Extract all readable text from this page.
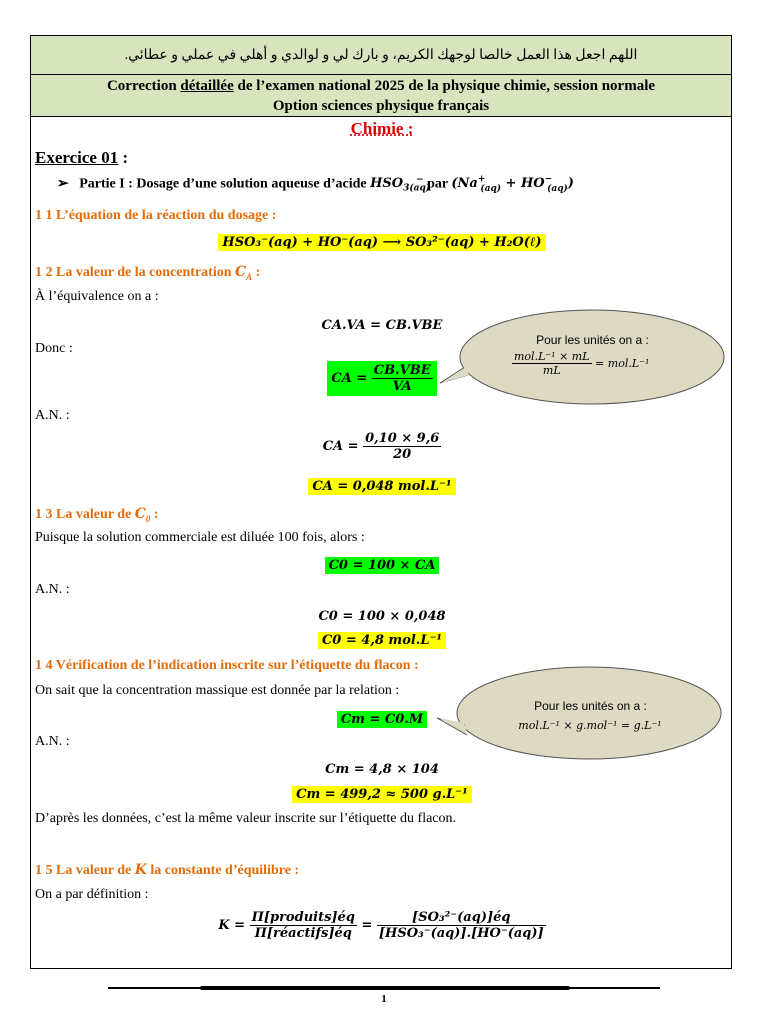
اللهم اجعل هذا العمل خالصا لوجهك الكريم، و بارك لي و لوالدي و أهلي في عملي و عطائي.
Correction détaillée de l’examen national 2025 de la physique chimie, session normale
Option sciences physique français
Chimie :
Exercice 01 :
➢ Partie I : Dosage d’une solution aqueuse d’acide $HSO_{3(aq)}^-$ par $(Na^+_{(aq)} + HO^-_{(aq)})$
1 1 L’équation de la réaction du dosage :
HSO₃⁻(aq) + HO⁻(aq) ⟶ SO₃²⁻(aq) + H₂O(ℓ)
1 2 La valeur de la concentration $C_A$ :
À l’équivalence on a :
CA.VA = CB.VBE
Donc :
CA = $\frac{\text{CB.VBE}}{VA}$
A.N. :
CA = $\frac{0,10 \times 9,6}{20}$
CA = 0,048 mol.L⁻¹
1 3 La valeur de $C_0$ :
Puisque la solution commerciale est diluée 100 fois, alors :
C0 = 100 × CA
A.N. :
C0 = 100 × 0,048
C0 = 4,8 mol.L⁻¹
1 4 Vérification de l’indication inscrite sur l’étiquette du flacon :
On sait que la concentration massique est donnée par la relation :
Cm = C0.M
A.N. :
Cm = 4,8 × 104
Cm = 499,2 ≈ 500 g.L⁻¹
D’après les données, c’est la même valeur inscrite sur l’étiquette du flacon.
1 5 La valeur de K la constante d’équilibre :
On a par définition :
$K = \frac{\text{Π[produits]éq}}{\text{Π[réactifs]éq}} = \frac{\text{[SO₃²⁻(aq)]éq}}{\text{[HSO₃⁻(aq)].[HO⁻(aq)]}}$
Pour les unités on a :
$\frac{\text{mol.L⁻¹ × mL}}{mL} = mol.L^{-1}$
Pour les unités on a :
mol.L⁻¹ × g.mol⁻¹ = g.L⁻¹
1
